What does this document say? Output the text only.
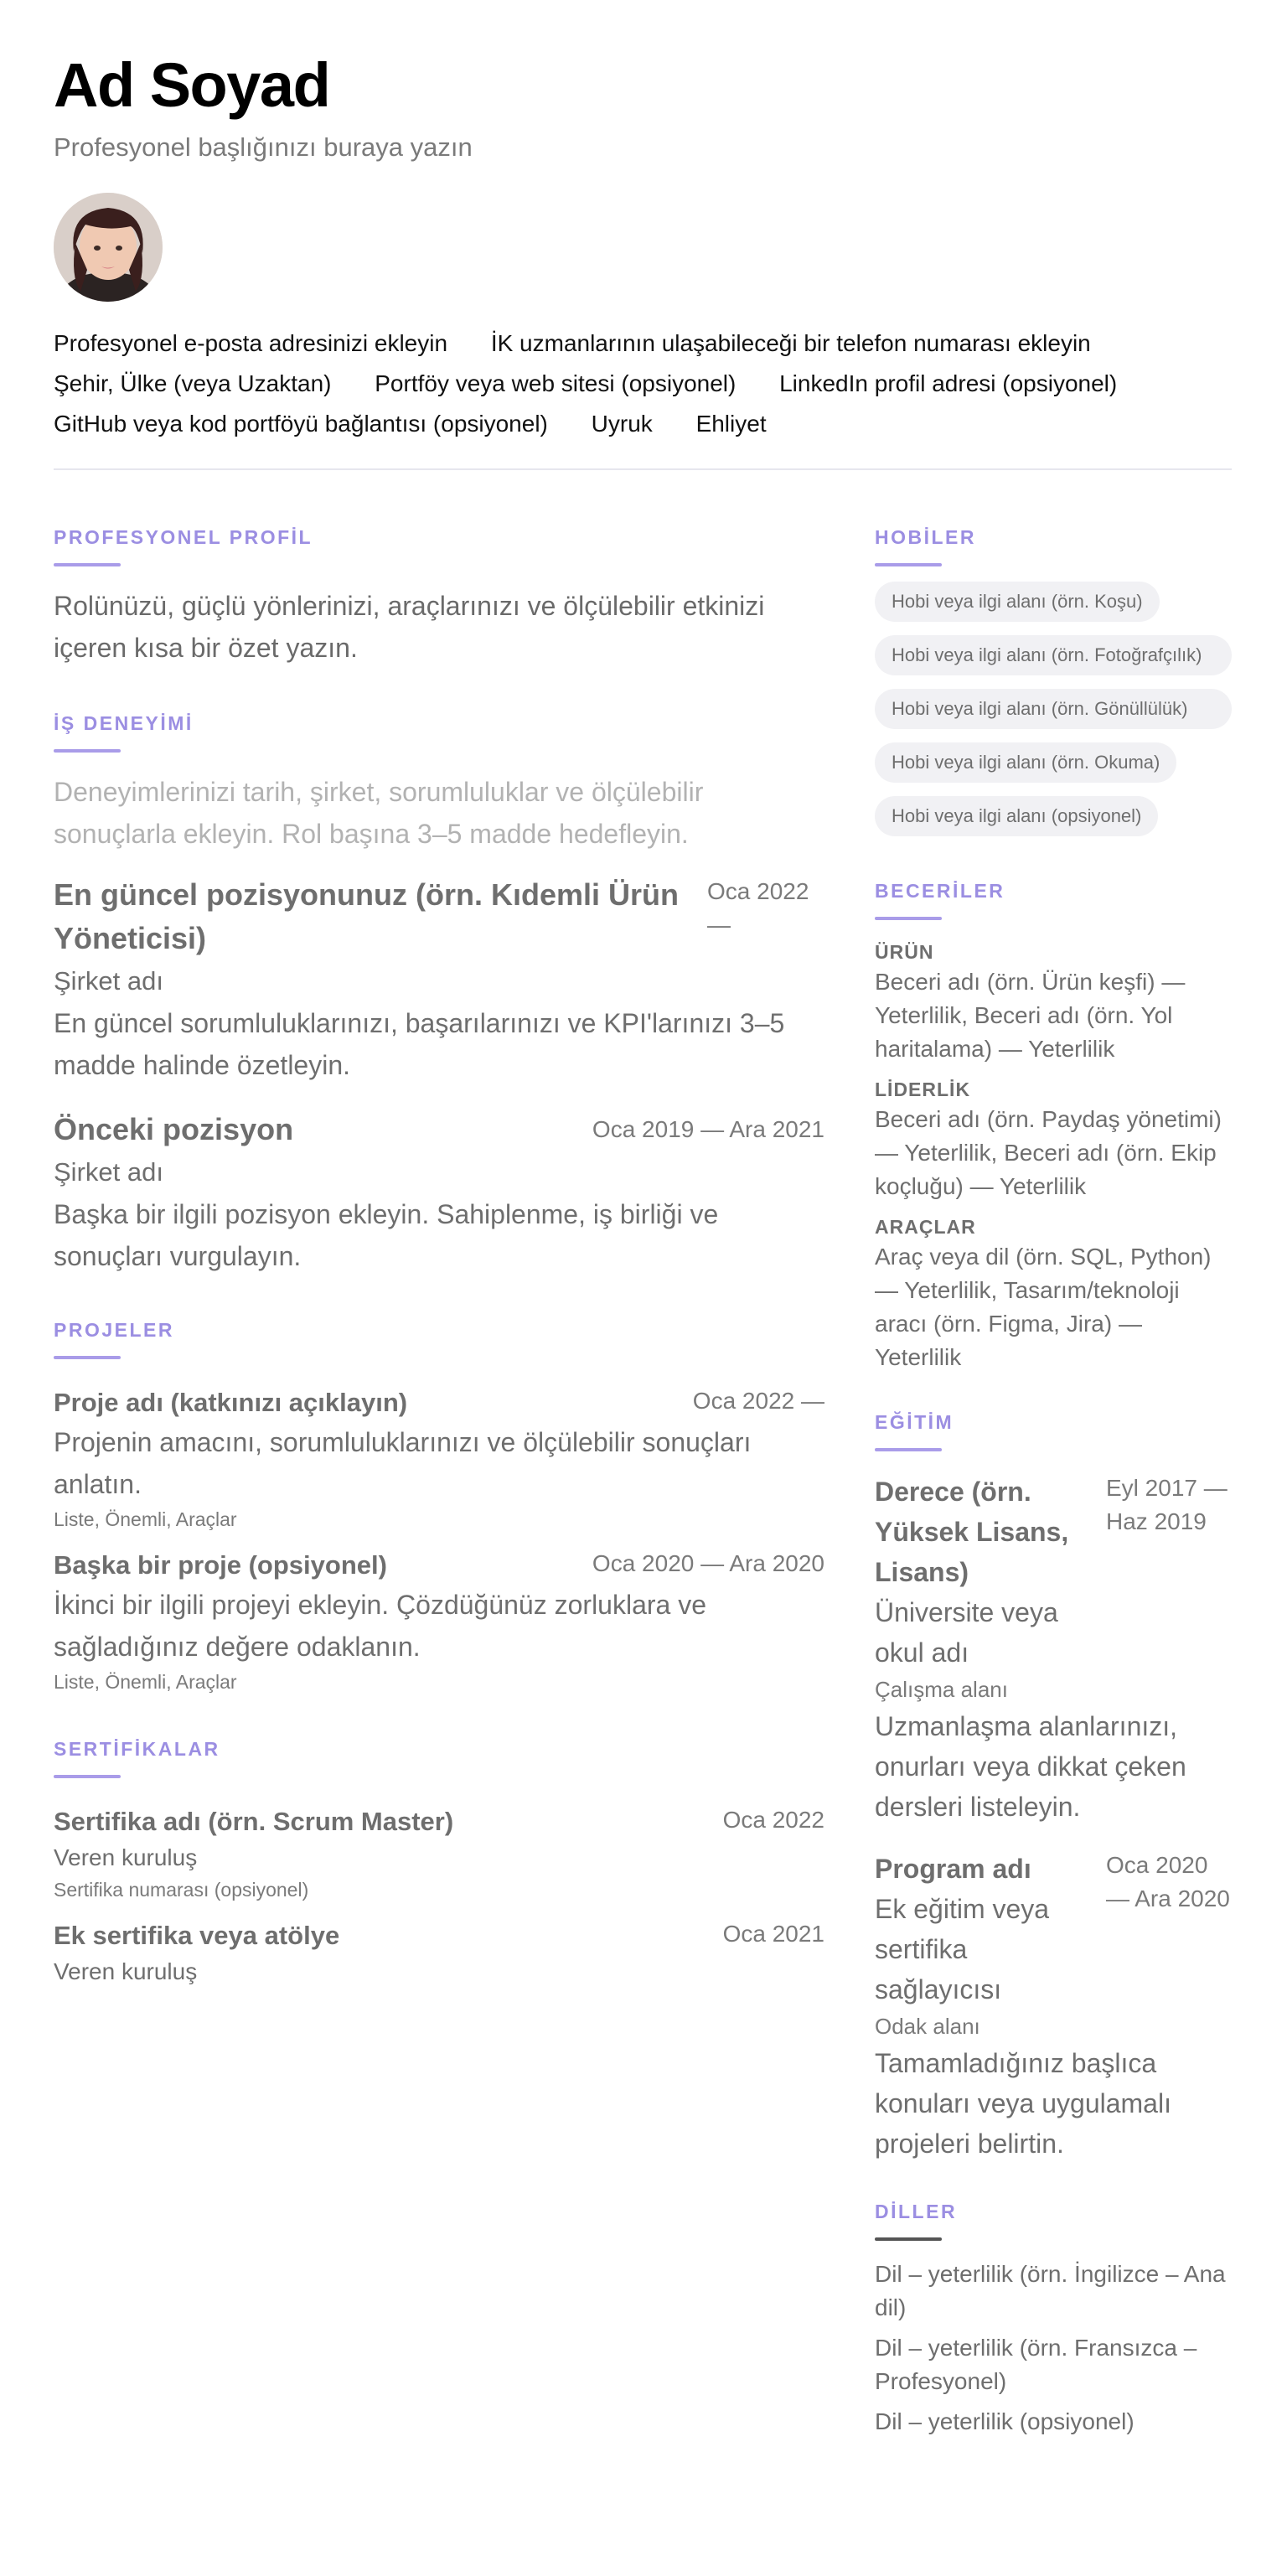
Ad Soyad

Profesyonel başlığınızı buraya yazın

Profesyonel e-posta adresinizi ekleyin İK uzmanlarının ulaşabileceği bir telefon numarası ekleyin
Şehir, Ülke (veya Uzaktan) Portföy veya web sitesi (opsiyonel) LinkedIn profil adresi (opsiyonel)
GitHub veya kod portföyü bağlantısı (opsiyonel) Uyruk Ehliyet
PROFESYONEL PROFİL

Rolünüzü, güçlü yönlerinizi, araçlarınızı ve ölçülebilir etkinizi içeren kısa bir özet yazın.

İŞ DENEYİMİ

Deneyimlerinizi tarih, şirket, sorumluluklar ve ölçülebilir sonuçlarla ekleyin. Rol başına 3–5 madde hedefleyin.

En güncel pozisyonunuz (örn. Kıdemli Ürün Yöneticisi)
Oca 2022 —

Şirket adı

En güncel sorumluluklarınızı, başarılarınızı ve KPI'larınızı 3–5 madde halinde özetleyin.

Önceki pozisyon	Oca 2019 — Ara 2021

Şirket adı

Başka bir ilgili pozisyon ekleyin. Sahiplenme, iş birliği ve sonuçları vurgulayın.

PROJELER
Proje adı (katkınızı açıklayın)	Oca 2022 —

Projenin amacını, sorumluluklarınızı ve ölçülebilir sonuçları anlatın.

Liste, Önemli, Araçlar

Başka bir proje (opsiyonel)	Oca 2020 — Ara 2020

İkinci bir ilgili projeyi ekleyin. Çözdüğünüz zorluklara ve sağladığınız değere odaklanın.

Liste, Önemli, Araçlar

SERTİFİKALAR
Sertifika adı (örn. Scrum Master)	Oca 2022

Veren kuruluş

Sertifika numarası (opsiyonel)

Ek sertifika veya atölye	Oca 2021

Veren kuruluş

HOBİLER
Hobi veya ilgi alanı (örn. Koşu)
Hobi veya ilgi alanı (örn. Fotoğrafçılık)
Hobi veya ilgi alanı (örn. Gönüllülük)
Hobi veya ilgi alanı (örn. Okuma)
Hobi veya ilgi alanı (opsiyonel)
BECERİLER

ÜRÜN

Beceri adı (örn. Ürün keşfi) — Yeterlilik, Beceri adı (örn. Yol haritalama) — Yeterlilik

LİDERLİK

Beceri adı (örn. Paydaş yönetimi) — Yeterlilik, Beceri adı (örn. Ekip koçluğu) — Yeterlilik

ARAÇLAR

Araç veya dil (örn. SQL, Python) — Yeterlilik, Tasarım/teknoloji aracı (örn. Figma, Jira) — Yeterlilik

EĞİTİM
Derece (örn. Yüksek Lisans, Lisans)

Üniversite veya okul adı

Eyl 2017 — Haz 2019

Çalışma alanı

Uzmanlaşma alanlarınızı, onurları veya dikkat çeken dersleri listeleyin.

Program adı

Ek eğitim veya sertifika sağlayıcısı

Oca 2020 — Ara 2020

Odak alanı

Tamamladığınız başlıca konuları veya uygulamalı projeleri belirtin.

DİLLER

Dil – yeterlilik (örn. İngilizce – Ana dil)

Dil – yeterlilik (örn. Fransızca – Profesyonel)

Dil – yeterlilik (opsiyonel)
